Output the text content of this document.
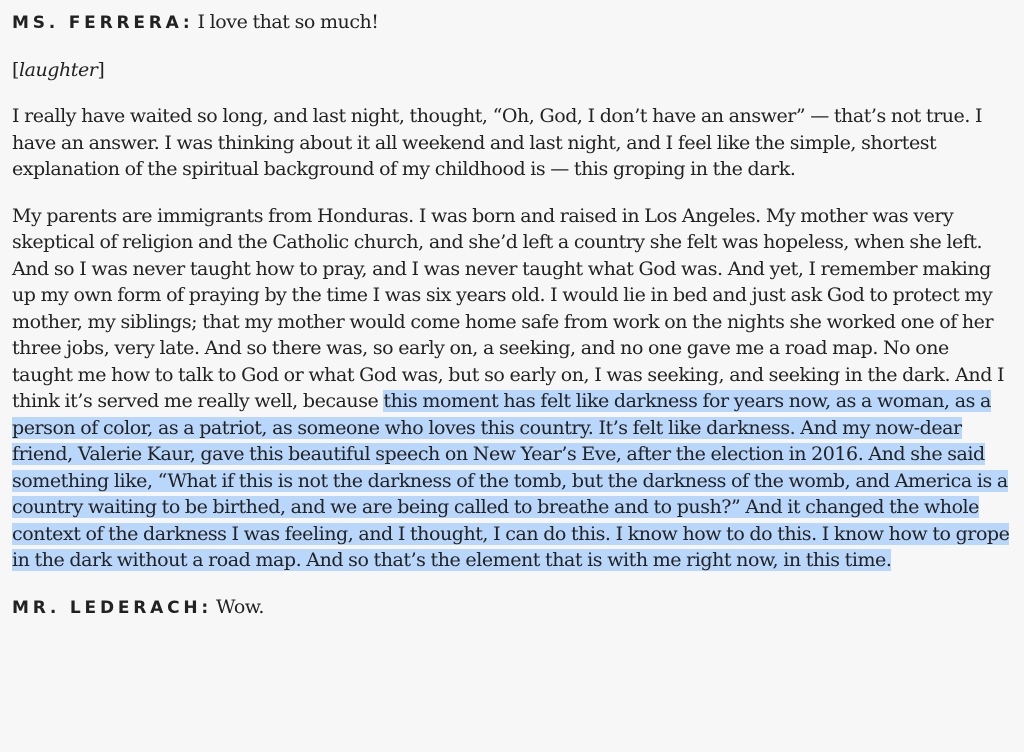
MS. FERRERA: I love that so much!

[laughter]

I really have waited so long, and last night, thought, “Oh, God, I don’t have an answer” — that’s not true. I have an answer. I was thinking about it all weekend and last night, and I feel like the simple, shortest explanation of the spiritual background of my childhood is — this groping in the dark.

My parents are immigrants from Honduras. I was born and raised in Los Angeles. My mother was very skeptical of religion and the Catholic church, and she’d left a country she felt was hopeless, when she left. And so I was never taught how to pray, and I was never taught what God was. And yet, I remember making up my own form of praying by the time I was six years old. I would lie in bed and just ask God to protect my mother, my siblings; that my mother would come home safe from work on the nights she worked one of her three jobs, very late. And so there was, so early on, a seeking, and no one gave me a road map. No one taught me how to talk to God or what God was, but so early on, I was seeking, and seeking in the dark. And I think it’s served me really well, because this moment has felt like darkness for years now, as a woman, as a person of color, as a patriot, as someone who loves this country. It’s felt like darkness. And my now-dear friend, Valerie Kaur, gave this beautiful speech on New Year’s Eve, after the election in 2016. And she said something like, “What if this is not the darkness of the tomb, but the darkness of the womb, and America is a country waiting to be birthed, and we are being called to breathe and to push?” And it changed the whole context of the darkness I was feeling, and I thought, I can do this. I know how to do this. I know how to grope in the dark without a road map. And so that’s the element that is with me right now, in this time.

MR. LEDERACH: Wow.
